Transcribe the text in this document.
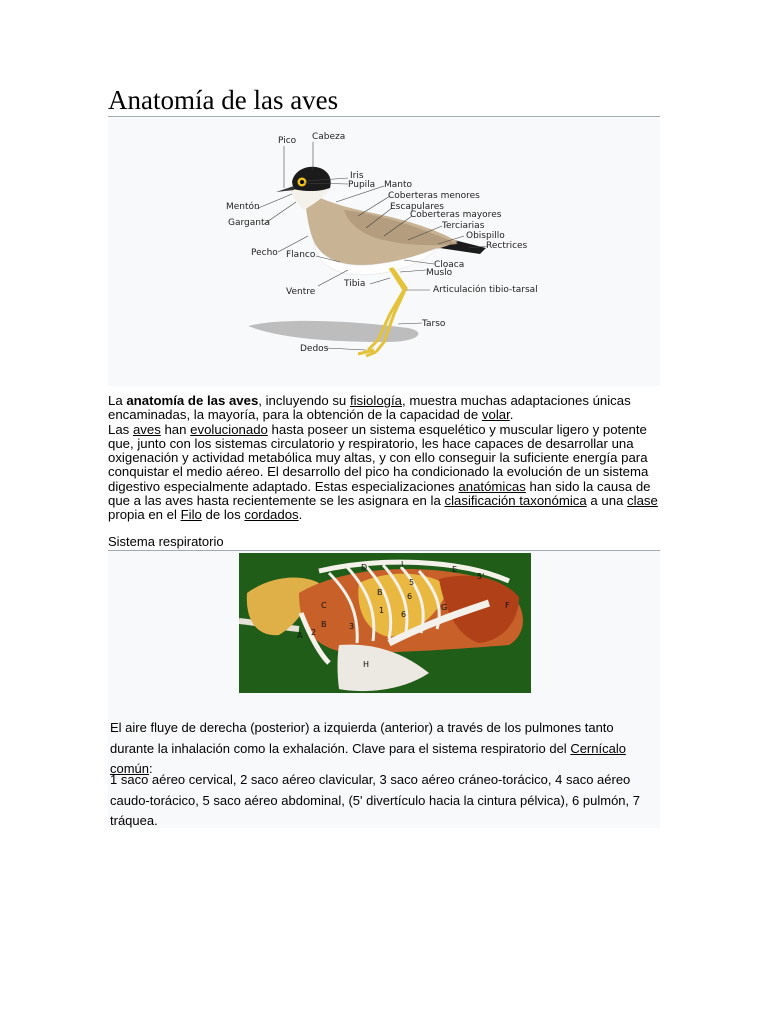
Anatomía de las aves
Cabeza
Pico
Iris
Pupila Manto
Coberteras menores
Mentón	Escapulares
Garganta
Coberteras mayores
Terciarias
Obispillo
Rectrices
Pecho Flanco
Cloaca
Muslo
Tibia
Articulación tibio-tarsal
Ventre
Tarso
Dedos
La anatomía de las aves, incluyendo su fisiología, muestra muchas adaptaciones únicas encaminadas, la mayoría, para la obtención de la capacidad de volar.
Las aves han evolucionado hasta poseer un sistema esquelético y muscular ligero y potente que, junto con los sistemas circulatorio y respiratorio, les hace capaces de desarrollar una oxigenación y actividad metabólica muy altas, y con ello conseguir la suficiente energía para conquistar el medio aéreo. El desarrollo del pico ha condicionado la evolución de un sistema digestivo especialmente adaptado. Estas especializaciones anatómicas han sido la causa de que a las aves hasta recientemente se les asignara en la clasificación taxonómica a una clase propia en el Filo de los cordados.
Sistema respiratorio
D	I
E
5'
C
5
6
B
6
G	F
A
3
2
B
1
H
El aire fluye de derecha (posterior) a izquierda (anterior) a través de los pulmones tanto durante la inhalación como la exhalación. Clave para el sistema respiratorio del Cernícalo común:
1 saco aéreo cervical, 2 saco aéreo clavicular, 3 saco aéreo cráneo-torácico, 4 saco aéreo caudo-torácico, 5 saco aéreo abdominal, (5' divertículo hacia la cintura pélvica), 6 pulmón, 7 tráquea.
